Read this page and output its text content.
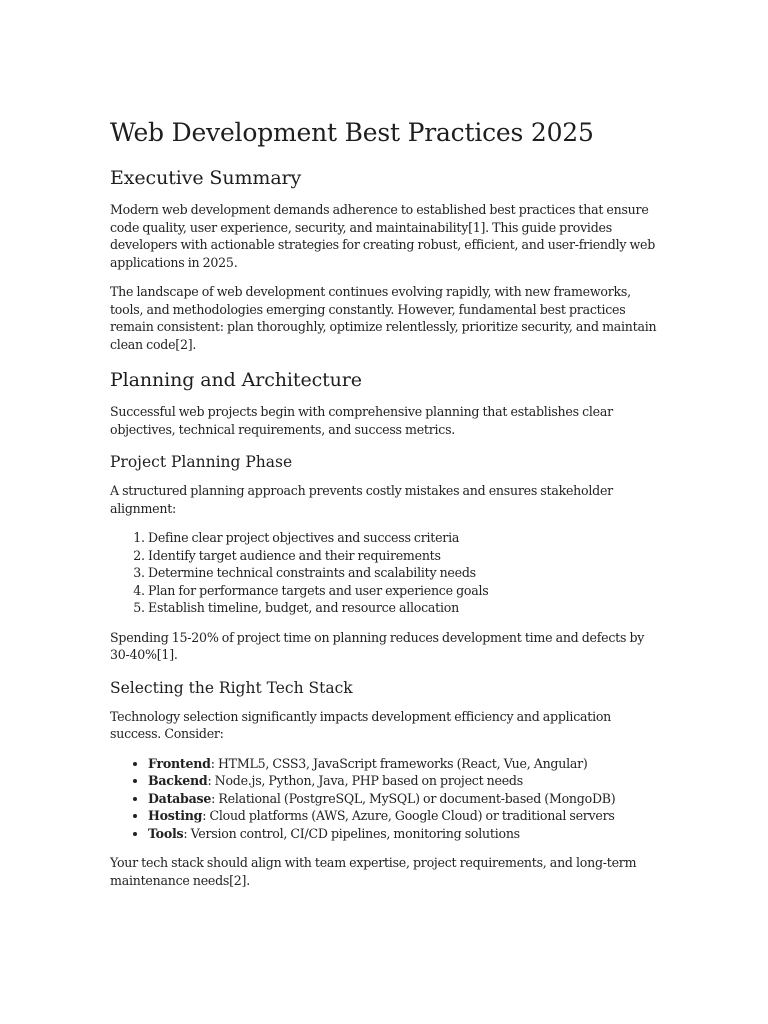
Web Development Best Practices 2025
Executive Summary

Modern web development demands adherence to established best practices that ensure code quality, user experience, security, and maintainability[1]. This guide provides developers with actionable strategies for creating robust, efficient, and user-friendly web applications in 2025.

The landscape of web development continues evolving rapidly, with new frameworks, tools, and methodologies emerging constantly. However, fundamental best practices remain consistent: plan thoroughly, optimize relentlessly, prioritize security, and maintain clean code[2].

Planning and Architecture

Successful web projects begin with comprehensive planning that establishes clear objectives, technical requirements, and success metrics.

Project Planning Phase

A structured planning approach prevents costly mistakes and ensures stakeholder alignment:

1. Define clear project objectives and success criteria
2. Identify target audience and their requirements
3. Determine technical constraints and scalability needs
4. Plan for performance targets and user experience goals
5. Establish timeline, budget, and resource allocation

Spending 15-20% of project time on planning reduces development time and defects by 30-40%[1].

Selecting the Right Tech Stack

Technology selection significantly impacts development efficiency and application success. Consider:

• Frontend: HTML5, CSS3, JavaScript frameworks (React, Vue, Angular)
• Backend: Node.js, Python, Java, PHP based on project needs
• Database: Relational (PostgreSQL, MySQL) or document-based (MongoDB)
• Hosting: Cloud platforms (AWS, Azure, Google Cloud) or traditional servers
• Tools: Version control, CI/CD pipelines, monitoring solutions

Your tech stack should align with team expertise, project requirements, and long-term maintenance needs[2].
